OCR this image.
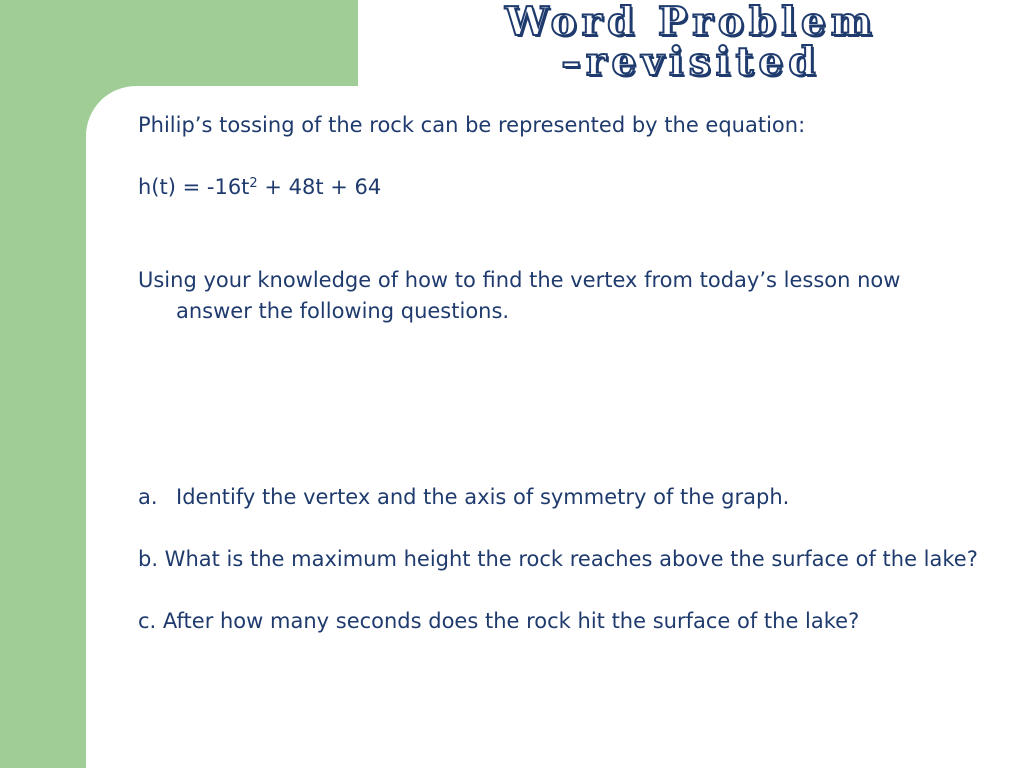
Word Problem
–revisited

Philip’s tossing of the rock can be represented by the equation:

$h(t) = -16t^2 + 48t + 64$

Using your knowledge of how to find the vertex from today’s lesson now answer the following questions.

a. Identify the vertex and the axis of symmetry of the graph.

b. What is the maximum height the rock reaches above the surface of the lake?

c. After how many seconds does the rock hit the surface of the lake?
